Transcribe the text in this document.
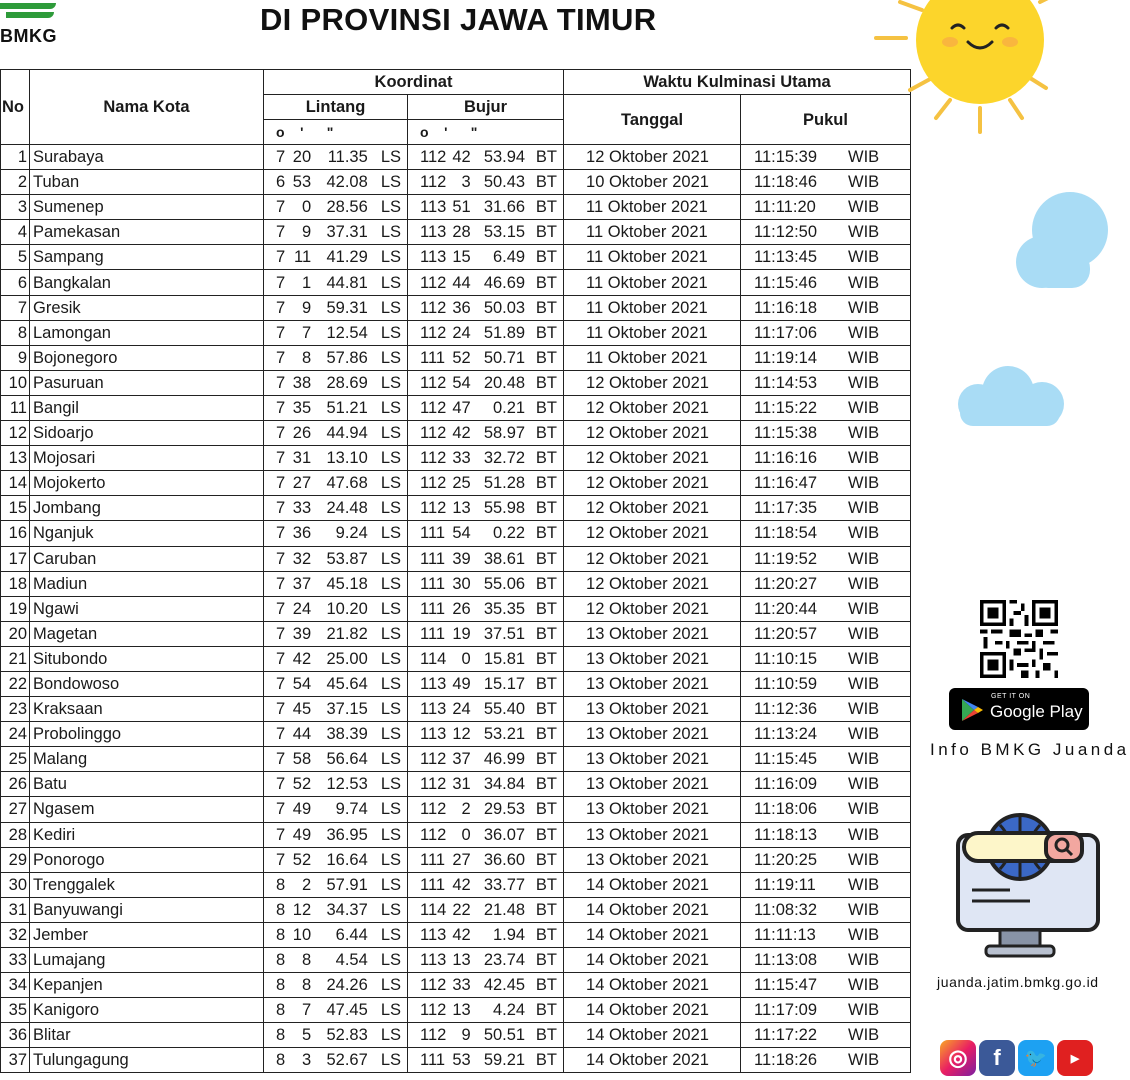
BMKG	DI PROVINSI JAWA TIMUR
No	Nama Kota	Koordinat		Waktu Kulminasi Utama	
		Lintang	Bujur	Tanggal	Pukul
		o    '      "	o    '      "		
1	Surabaya	7 20 11.35 LS	112 42 53.94 BT	12 Oktober 2021	11:15:39 WIB

2	Tuban	6 53 42.08 LS	112 3 50.43 BT	10 Oktober 2021	11:18:46 WIB

3	Sumenep	7 0 28.56 LS	113 51 31.66 BT	11 Oktober 2021	11:11:20 WIB

4	Pamekasan	7 9 37.31 LS	113 28 53.15 BT	11 Oktober 2021	11:12:50 WIB

5	Sampang	7 11 41.29 LS	113 15 6.49 BT	11 Oktober 2021	11:13:45 WIB

6	Bangkalan	7 1 44.81 LS	112 44 46.69 BT	11 Oktober 2021	11:15:46 WIB

7	Gresik	7 9 59.31 LS	112 36 50.03 BT	11 Oktober 2021	11:16:18 WIB

8	Lamongan	7 7 12.54 LS	112 24 51.89 BT	11 Oktober 2021	11:17:06 WIB

9	Bojonegoro	7 8 57.86 LS	111 52 50.71 BT	11 Oktober 2021	11:19:14 WIB

10	Pasuruan	7 38 28.69 LS	112 54 20.48 BT	12 Oktober 2021	11:14:53 WIB

11	Bangil	7 35 51.21 LS	112 47 0.21 BT	12 Oktober 2021	11:15:22 WIB

12	Sidoarjo	7 26 44.94 LS	112 42 58.97 BT	12 Oktober 2021	11:15:38 WIB

13	Mojosari	7 31 13.10 LS	112 33 32.72 BT	12 Oktober 2021	11:16:16 WIB

14	Mojokerto	7 27 47.68 LS	112 25 51.28 BT	12 Oktober 2021	11:16:47 WIB

15	Jombang	7 33 24.48 LS	112 13 55.98 BT	12 Oktober 2021	11:17:35 WIB

16	Nganjuk	7 36 9.24 LS	111 54 0.22 BT	12 Oktober 2021	11:18:54 WIB

17	Caruban	7 32 53.87 LS	111 39 38.61 BT	12 Oktober 2021	11:19:52 WIB

18	Madiun	7 37 45.18 LS	111 30 55.06 BT	12 Oktober 2021	11:20:27 WIB

19	Ngawi	7 24 10.20 LS	111 26 35.35 BT	12 Oktober 2021	11:20:44 WIB

20	Magetan	7 39 21.82 LS	111 19 37.51 BT	13 Oktober 2021	11:20:57 WIB

21	Situbondo	7 42 25.00 LS	114 0 15.81 BT	13 Oktober 2021	11:10:15 WIB

22	Bondowoso	7 54 45.64 LS	113 49 15.17 BT	13 Oktober 2021	11:10:59 WIB

23	Kraksaan	7 45 37.15 LS	113 24 55.40 BT	13 Oktober 2021	11:12:36 WIB

24	Probolinggo	7 44 38.39 LS	113 12 53.21 BT	13 Oktober 2021	11:13:24 WIB

25	Malang	7 58 56.64 LS	112 37 46.99 BT	13 Oktober 2021	11:15:45 WIB

26	Batu	7 52 12.53 LS	112 31 34.84 BT	13 Oktober 2021	11:16:09 WIB

27	Ngasem	7 49 9.74 LS	112 2 29.53 BT	13 Oktober 2021	11:18:06 WIB

28	Kediri	7 49 36.95 LS	112 0 36.07 BT	13 Oktober 2021	11:18:13 WIB

29	Ponorogo	7 52 16.64 LS	111 27 36.60 BT	13 Oktober 2021	11:20:25 WIB

30	Trenggalek	8 2 57.91 LS	111 42 33.77 BT	14 Oktober 2021	11:19:11 WIB

31	Banyuwangi	8 12 34.37 LS	114 22 21.48 BT	14 Oktober 2021	11:08:32 WIB

32	Jember	8 10 6.44 LS	113 42 1.94 BT	14 Oktober 2021	11:11:13 WIB

33	Lumajang	8 8 4.54 LS	113 13 23.74 BT	14 Oktober 2021	11:13:08 WIB

34	Kepanjen	8 8 24.26 LS	112 33 42.45 BT	14 Oktober 2021	11:15:47 WIB

35	Kanigoro	8 7 47.45 LS	112 13 4.24 BT	14 Oktober 2021	11:17:09 WIB

36	Blitar	8 5 52.83 LS	112 9 50.51 BT	14 Oktober 2021	11:17:22 WIB

37	Tulungagung	8 3 52.67 LS	111 53 59.21 BT	14 Oktober 2021	11:18:26 WIB
GET IT ON
Google Play
Info BMKG Juanda
juanda.jatim.bmkg.go.id
◎	f	🐦	▶
